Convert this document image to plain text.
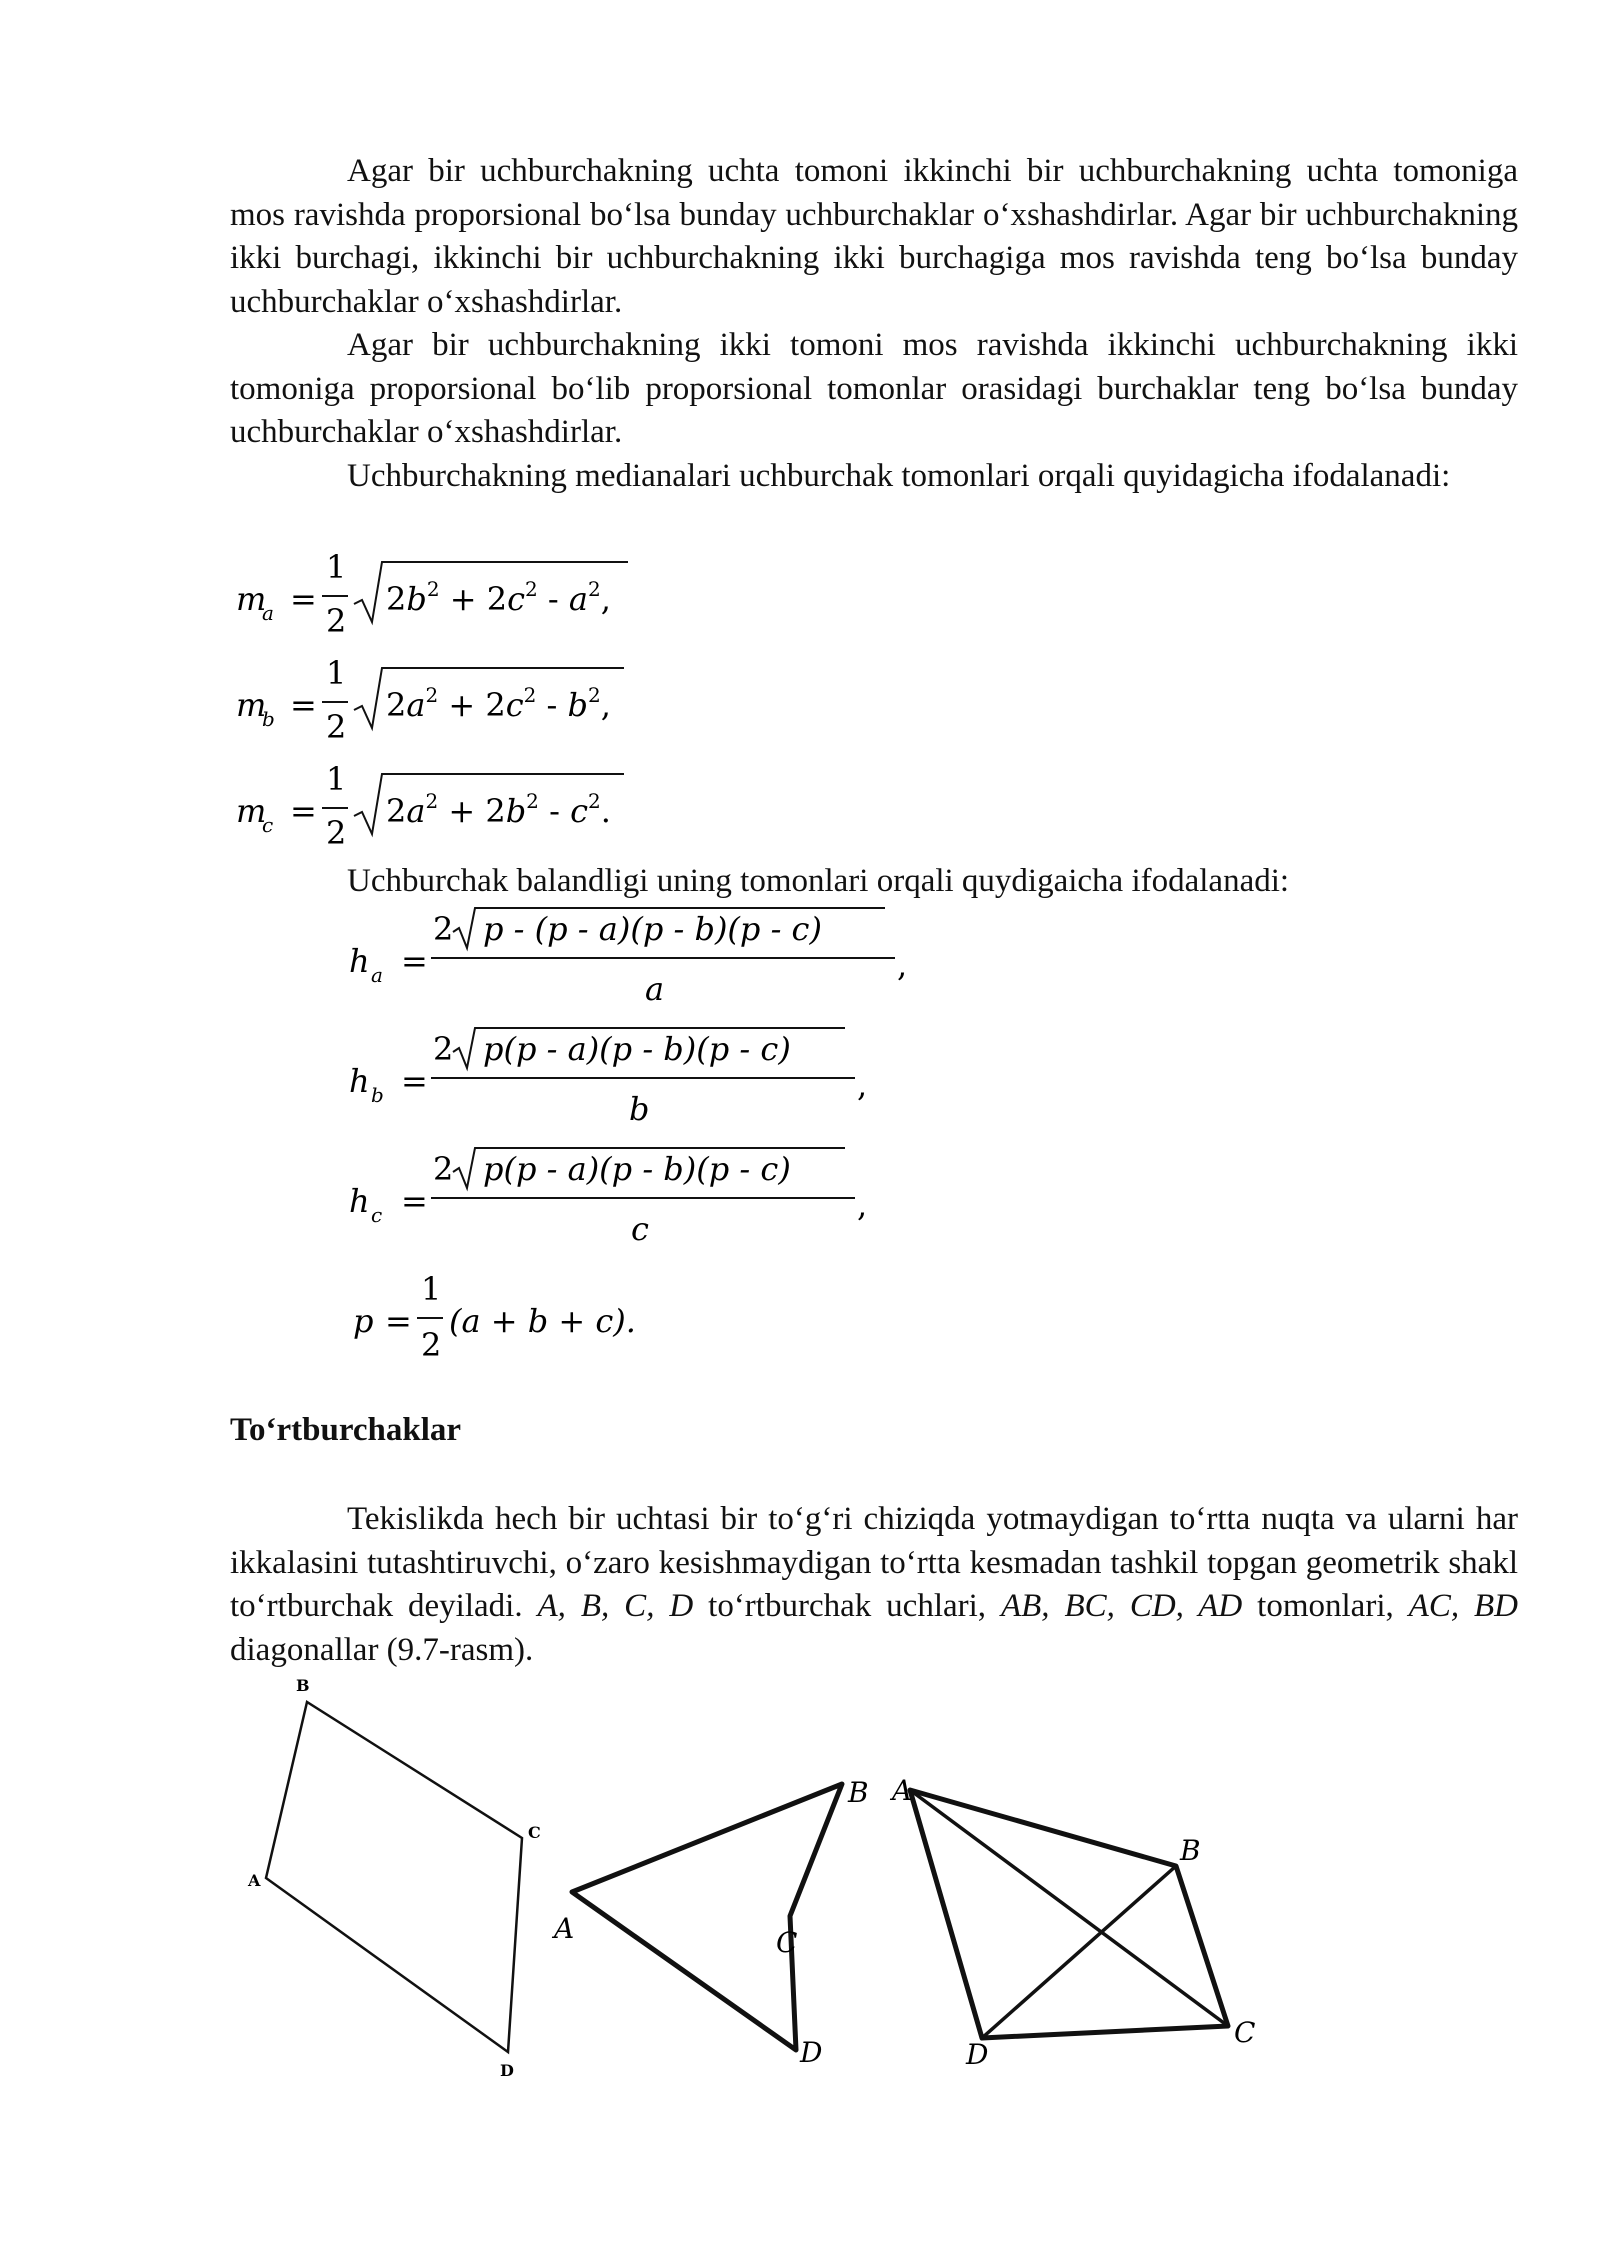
Agar bir uchburchakning uchta tomoni ikkinchi bir uchburchakning uchta tomoniga mos ravishda proporsional bo‘lsa bunday uchburchaklar o‘xshashdirlar. Agar bir uchburchakning ikki burchagi, ikkinchi bir uchburchakning ikki burchagiga mos ravishda teng bo‘lsa bunday uchburchaklar o‘xshashdirlar.

Agar bir uchburchakning ikki tomoni mos ravishda ikkinchi uchburchakning ikki tomoniga proporsional bo‘lib proporsional tomonlar orasidagi burchaklar teng bo‘lsa bunday uchburchaklar o‘xshashdirlar.

Uchburchakning medianalari uchburchak tomonlari orqali quyidagicha ifodalanadi:

m
a =
1
2
$2b^2 + 2c^2 - a^2$,
m
b =
1
2
$2a^2 + 2c^2 - b^2$,
m
c =
1
2
$2a^2 + 2b^2 - c^2$.

Uchburchak balandligi uning tomonlari orqali quydigaicha ifodalanadi:

h a =
2 p - (p - a)(p - b)(p - c)
a
,
h b =
2 p(p - a)(p - b)(p - c)
b
,
h c =
2 p(p - a)(p - b)(p - c)
c
,
p =
1
2
(a + b + c).
To‘rtburchaklar

Tekislikda hech bir uchtasi bir to‘g‘ri chiziqda yotmaydigan to‘rtta nuqta va ularni har ikkalasini tutashtiruvchi, o‘zaro kesishmaydigan to‘rtta kesmadan tashkil topgan geometrik shakl to‘rtburchak deyiladi. A, B, C, D to‘rtburchak uchlari, AB, BC, CD, AD tomonlari, AC, BD diagonallar (9.7-rasm).

B
A
C
D
A
B
C
D
A
B
C
D
